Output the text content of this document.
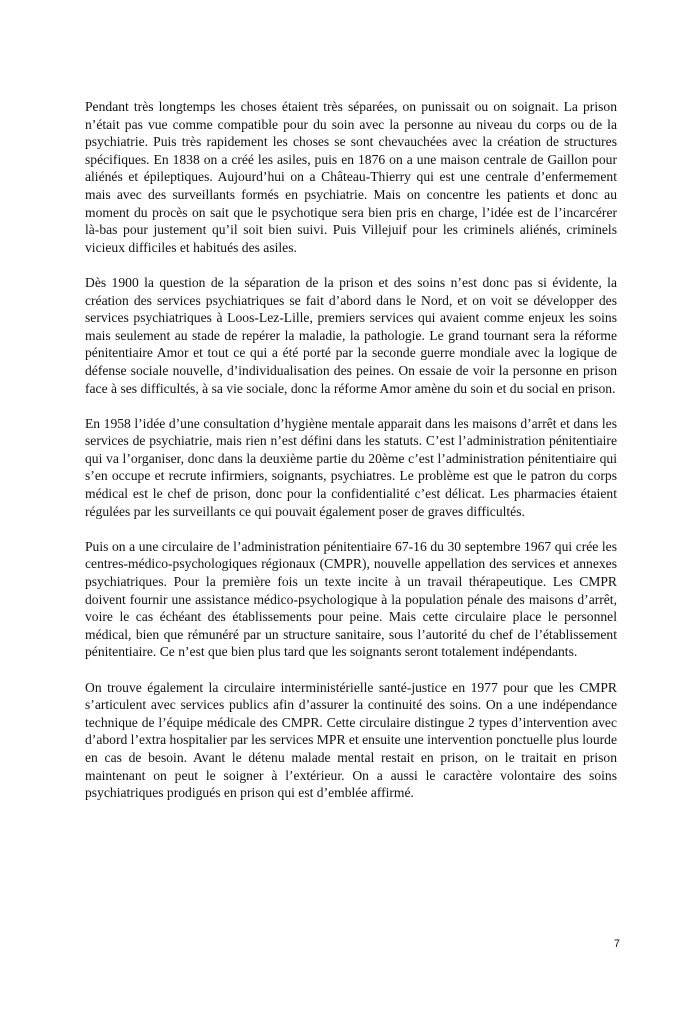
Pendant très longtemps les choses étaient très séparées, on punissait ou on soignait. La prison n’était pas vue comme compatible pour du soin avec la personne au niveau du corps ou de la psychiatrie. Puis très rapidement les choses se sont chevauchées avec la création de structures spécifiques. En 1838 on a créé les asiles, puis en 1876 on a une maison centrale de Gaillon pour aliénés et épileptiques. Aujourd’hui on a Château-Thierry qui est une centrale d’enfermement mais avec des surveillants formés en psychiatrie. Mais on concentre les patients et donc au moment du procès on sait que le psychotique sera bien pris en charge, l’idée est de l’incarcérer là-bas pour justement qu’il soit bien suivi. Puis Villejuif pour les criminels aliénés, criminels vicieux difficiles et habitués des asiles.

Dès 1900 la question de la séparation de la prison et des soins n’est donc pas si évidente, la création des services psychiatriques se fait d’abord dans le Nord, et on voit se développer des services psychiatriques à Loos-Lez-Lille, premiers services qui avaient comme enjeux les soins mais seulement au stade de repérer la maladie, la pathologie. Le grand tournant sera la réforme pénitentiaire Amor et tout ce qui a été porté par la seconde guerre mondiale avec la logique de défense sociale nouvelle, d’individualisation des peines. On essaie de voir la personne en prison face à ses difficultés, à sa vie sociale, donc la réforme Amor amène du soin et du social en prison.

En 1958 l’idée d’une consultation d’hygiène mentale apparait dans les maisons d’arrêt et dans les services de psychiatrie, mais rien n’est défini dans les statuts. C’est l’administration pénitentiaire qui va l’organiser, donc dans la deuxième partie du 20ème c’est l’administration pénitentiaire qui s’en occupe et recrute infirmiers, soignants, psychiatres. Le problème est que le patron du corps médical est le chef de prison, donc pour la confidentialité c’est délicat. Les pharmacies étaient régulées par les surveillants ce qui pouvait également poser de graves difficultés.

Puis on a une circulaire de l’administration pénitentiaire 67-16 du 30 septembre 1967 qui crée les centres-médico-psychologiques régionaux (CMPR), nouvelle appellation des services et annexes psychiatriques. Pour la première fois un texte incite à un travail thérapeutique. Les CMPR doivent fournir une assistance médico-psychologique à la population pénale des maisons d’arrêt, voire le cas échéant des établissements pour peine. Mais cette circulaire place le personnel médical, bien que rémunéré par un structure sanitaire, sous l’autorité du chef de l’établissement pénitentiaire. Ce n’est que bien plus tard que les soignants seront totalement indépendants.

On trouve également la circulaire interministérielle santé-justice en 1977 pour que les CMPR s’articulent avec services publics afin d’assurer la continuité des soins. On a une indépendance technique de l’équipe médicale des CMPR. Cette circulaire distingue 2 types d’intervention avec d’abord l’extra hospitalier par les services MPR et ensuite une intervention ponctuelle plus lourde en cas de besoin. Avant le détenu malade mental restait en prison, on le traitait en prison maintenant on peut le soigner à l’extérieur. On a aussi le caractère volontaire des soins psychiatriques prodigués en prison qui est d’emblée affirmé.

7
